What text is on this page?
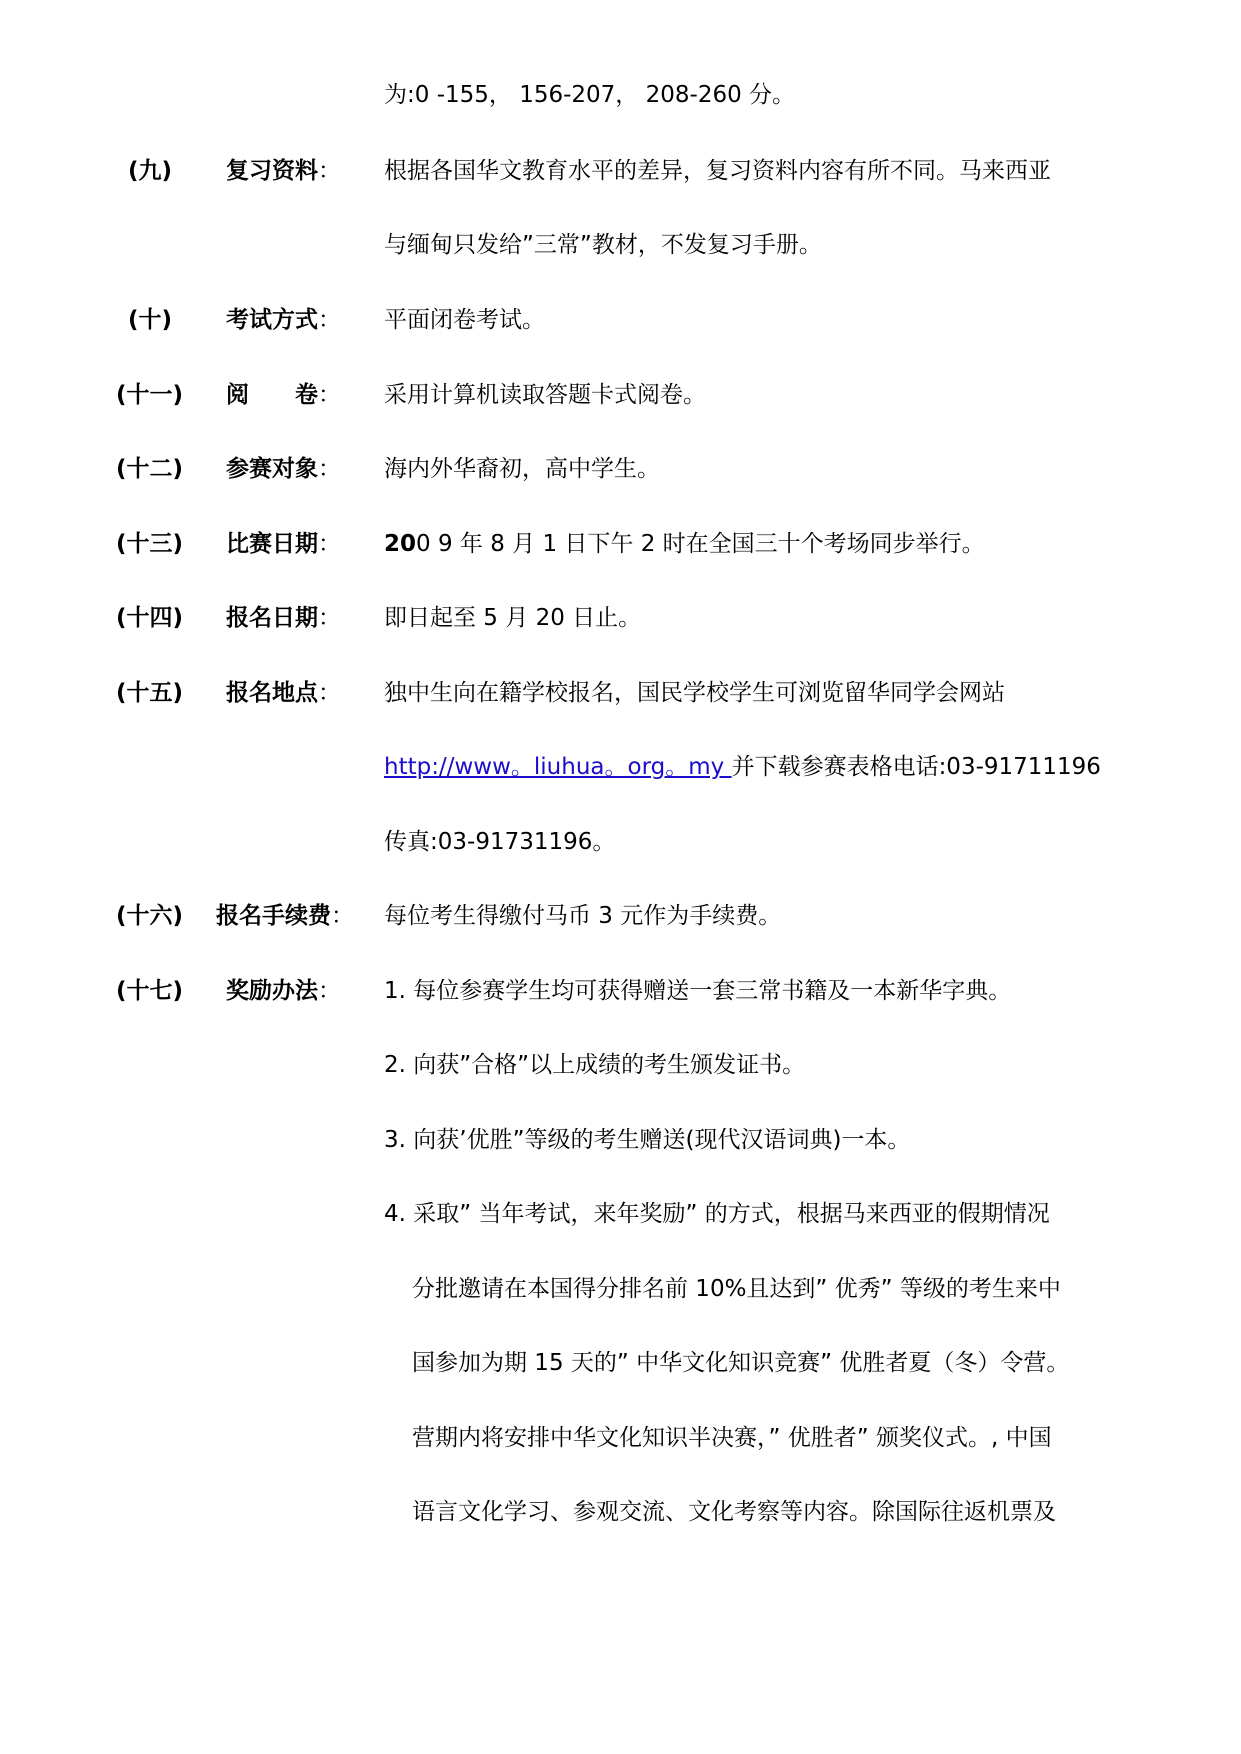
为:0 -155， 156-207， 208-260 分。
(九) 复习资料： 根据各国华文教育水平的差异，复习资料内容有所不同。马来西亚
与缅甸只发给”三常”教材，不发复习手册。
(十) 考试方式： 平面闭卷考试。
(十一) 阅　　卷： 采用计算机读取答题卡式阅卷。
(十二) 参赛对象： 海内外华裔初，高中学生。
(十三) 比赛日期： 200 9 年 8 月 1 日下午 2 时在全国三十个考场同步举行。
(十四) 报名日期： 即日起至 5 月 20 日止。
(十五) 报名地点： 独中生向在籍学校报名，国民学校学生可浏览留华同学会网站
http://www。liuhua。org。my 并下载参赛表格电话:03-91711196
传真:03-91731196。
(十六) 报名手续费： 每位考生得缴付马币 3 元作为手续费。
(十七) 奖励办法： 1. 每位参赛学生均可获得赠送一套三常书籍及一本新华字典。
2. 向获”合格”以上成绩的考生颁发证书。
3. 向获’优胜”等级的考生赠送(现代汉语词典)一本。
4. 采取” 当年考试，来年奖励” 的方式，根据马来西亚的假期情况
分批邀请在本国得分排名前 10%且达到” 优秀” 等级的考生来中
国参加为期 15 天的” 中华文化知识竞赛” 优胜者夏（冬）令营。
营期内将安排中华文化知识半决赛，” 优胜者” 颁奖仪式。, 中国
语言文化学习、参观交流、文化考察等内容。除国际往返机票及
